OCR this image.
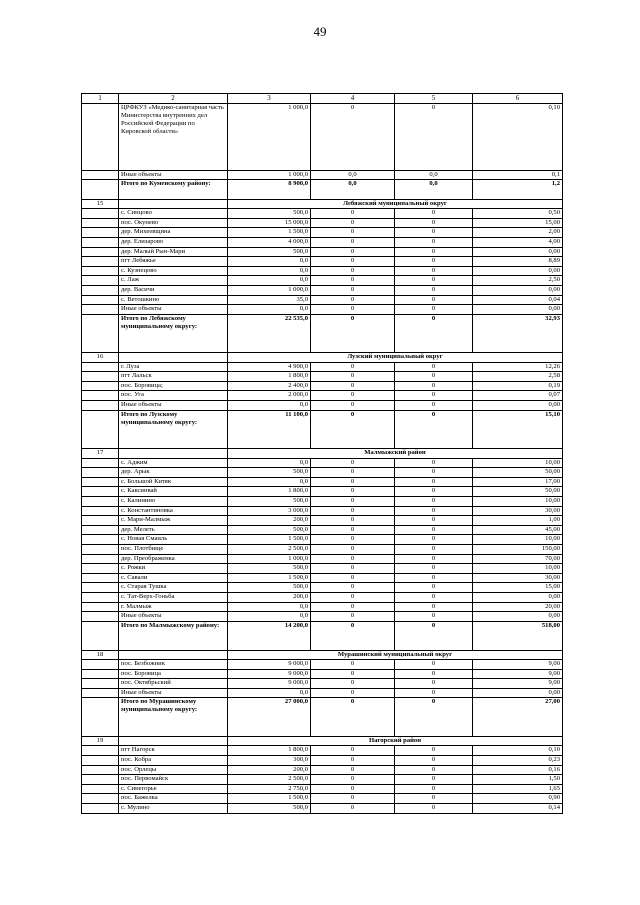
49
1	2	3	4	5	6
	ЦРФКУЗ «Медико-санитарная часть Министерства внутренних дел Российской Федерации по Кировской области»	1 000,0	0	0	0,10
	Иные объекты	1 000,0	0,0	0,0	0,1
	Итого по Куменскому району:	8 900,0	0,0	0,0	1,2
15		Лебяжский муниципальный округ			
	с. Синцово	500,0	0	0	0,50
	пос. Окунево	15 000,0	0	0	15,00
	дер. Михеевщина	1 500,0	0	0	2,00
	дер. Елизарово	4 000,0	0	0	4,00
	дер. Малый Рын-Мари	500,0	0	0	0,00
	пгт Лебяжье	0,0	0	0	8,89
	с. Кузнецово	0,0	0	0	0,00
	с. Лаж	0,0	0	0	2,50
	дер. Васичи	1 000,0	0	0	0,00
	с. Ветошкино	35,0	0	0	0,04
	Иные объекты	0,0	0	0	0,00
	Итого по Лебяжскому муниципальному округу:	22 535,0	0	0	32,93
16		Лузский муниципальный округ			
	г. Луза	4 900,0	0	0	12,26
	пгт Лальск	1 800,0	0	0	2,58
	пос. Боровица;	2 400,0	0	0	0,19
	пос. Уга	2 000,0	0	0	0,07
	Иные объекты	0,0	0	0	0,00
	Итого по Лузскому муниципальному округу:	11 100,0	0	0	15,10
17		Малмыжский район			
	с. Аджим	0,0	0	0	10,00
	дер. Арык	500,0	0	0	50,00
	с. Большой Китяк	0,0	0	0	17,00
	с. Каксинвай	1 800,0	0	0	50,00
	с. Калинино	500,0	0	0	10,00
	с. Константиновка	3 000,0	0	0	30,00
	с. Мари-Малмыж	200,0	0	0	1,00
	дер. Мелеть	500,0	0	0	45,00
	с. Новая Смаиль	1 500,0	0	0	10,00
	пос. Плотбище	2 500,0	0	0	150,00
	дер. Преображенка	1 000,0	0	0	70,00
	с. Рожки	500,0	0	0	10,00
	с. Савали	1 500,0	0	0	30,00
	с. Старая Тушка	500,0	0	0	15,00
	с. Тат-Верх-Гоньба	200,0	0	0	0,00
	г. Малмыж	0,0	0	0	20,00
	Иные объекты	0,0	0	0	0,00
	Итого по Малмыжскому району:	14 200,0	0	0	518,00
18		Мурашинский муниципальный округ			
	пос. Безбожник	9 000,0	0	0	9,00
	пос. Боровица	9 000,0	0	0	9,00
	пос. Октябрьский	9 000,0	0	0	9,00
	Иные объекты	0,0	0	0	0,00
	Итого по Мурашинскому муниципальному округу:	27 000,0	0	0	27,00
19		Нагорский район			
	пгт Нагорск	1 800,0	0	0	0,10
	пос. Кобра	300,0	0	0	0,23
	пос. Орлецы	200,0	0	0	0,16
	пос. Первомайск	2 500,0	0	0	1,50
	с. Синегорье	2 750,0	0	0	1,65
	пос. Бажелка	1 500,0	0	0	0,90
	с. Мулино	500,0	0	0	0,14
